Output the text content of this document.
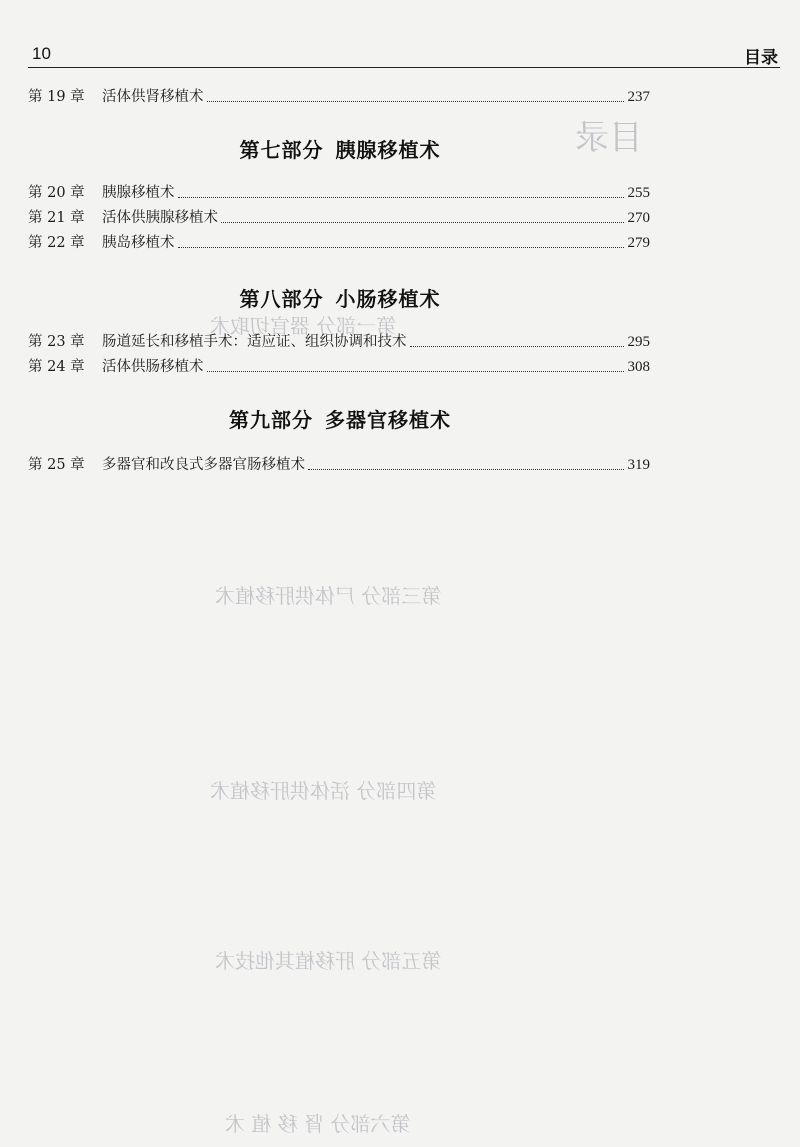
目录
第一部分 器官切取术
第三部分 尸体供肝移植术
第四部分 活体供肝移植术
第五部分 肝移植其他技术
第六部分 肾 移 植 术
10	目录
第 19 章	活体供肾移植术	237
第七部分 胰腺移植术
第 20 章	胰腺移植术	255
第 21 章	活体供胰腺移植术	270
第 22 章	胰岛移植术	279
第八部分 小肠移植术
第 23 章	肠道延长和移植手术：适应证、组织协调和技术	295
第 24 章	活体供肠移植术	308
第九部分 多器官移植术
第 25 章	多器官和改良式多器官肠移植术	319
